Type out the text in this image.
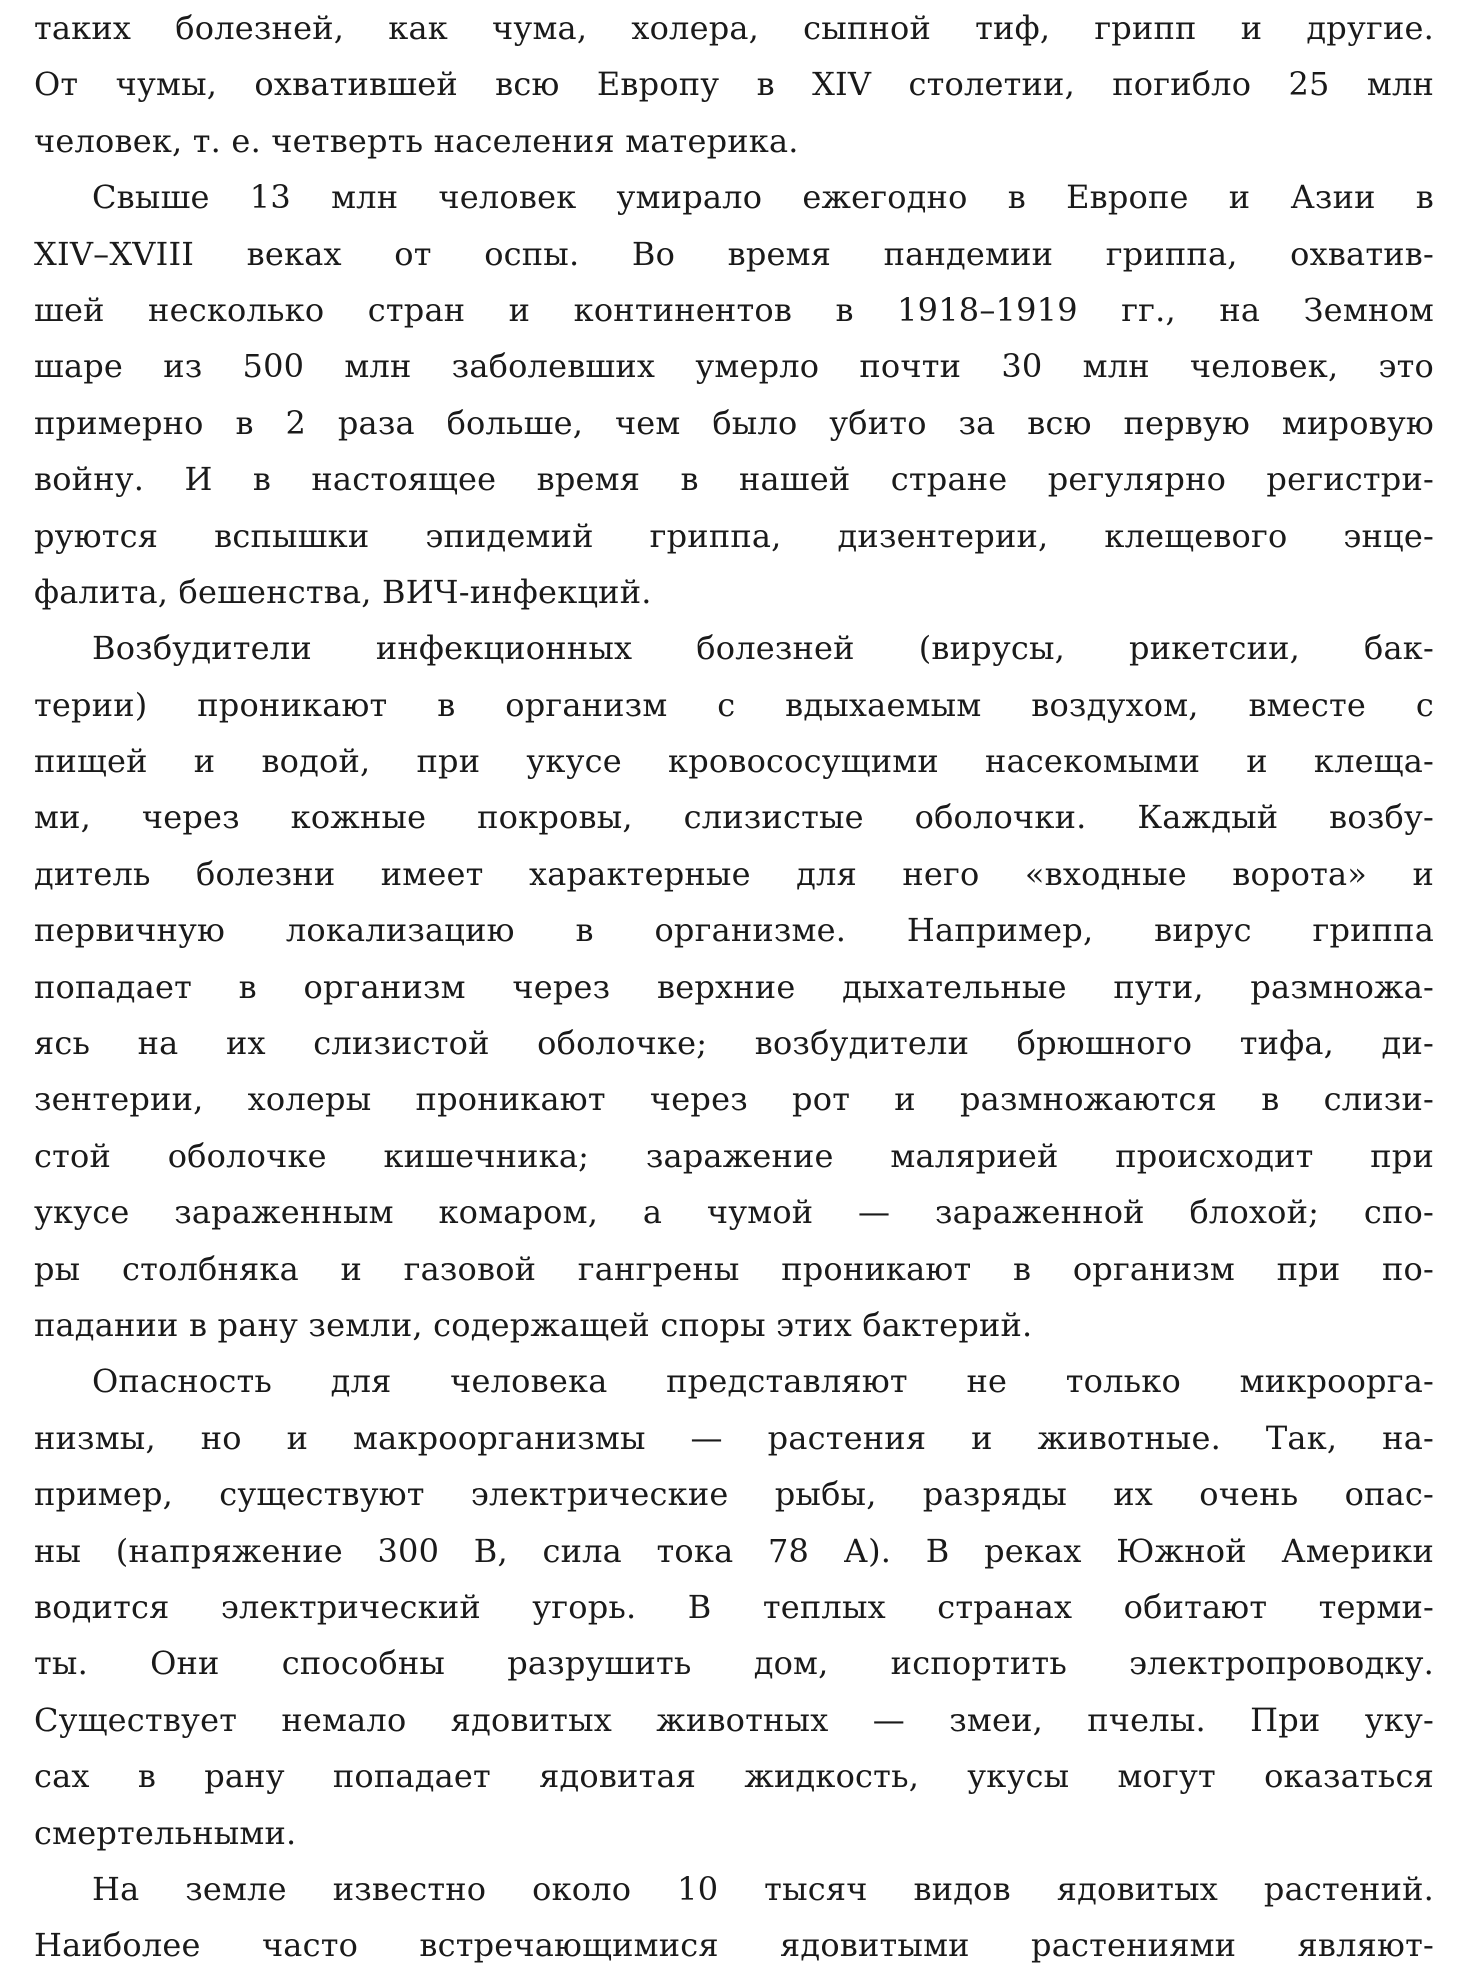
таких болезней, как чума, холера, сыпной тиф, грипп и другие.
От чумы, охватившей всю Европу в XIV столетии, погибло 25 млн
человек, т. е. четверть населения материка.
Свыше 13 млн человек умирало ежегодно в Европе и Азии в
XIV–XVIII веках от оспы. Во время пандемии гриппа, охватив-
шей несколько стран и континентов в 1918–1919 гг., на Земном
шаре из 500 млн заболевших умерло почти 30 млн человек, это
примерно в 2 раза больше, чем было убито за всю первую мировую
войну. И в настоящее время в нашей стране регулярно регистри-
руются вспышки эпидемий гриппа, дизентерии, клещевого энце-
фалита, бешенства, ВИЧ-инфекций.
Возбудители инфекционных болезней (вирусы, рикетсии, бак-
терии) проникают в организм с вдыхаемым воздухом, вместе с
пищей и водой, при укусе кровососущими насекомыми и клеща-
ми, через кожные покровы, слизистые оболочки. Каждый возбу-
дитель болезни имеет характерные для него «входные ворота» и
первичную локализацию в организме. Например, вирус гриппа
попадает в организм через верхние дыхательные пути, размножа-
ясь на их слизистой оболочке; возбудители брюшного тифа, ди-
зентерии, холеры проникают через рот и размножаются в слизи-
стой оболочке кишечника; заражение малярией происходит при
укусе зараженным комаром, а чумой — зараженной блохой; спо-
ры столбняка и газовой гангрены проникают в организм при по-
падании в рану земли, содержащей споры этих бактерий.
Опасность для человека представляют не только микроорга-
низмы, но и макроорганизмы — растения и животные. Так, на-
пример, существуют электрические рыбы, разряды их очень опас-
ны (напряжение 300 В, сила тока 78 А). В реках Южной Америки
водится электрический угорь. В теплых странах обитают терми-
ты. Они способны разрушить дом, испортить электропроводку.
Существует немало ядовитых животных — змеи, пчелы. При уку-
сах в рану попадает ядовитая жидкость, укусы могут оказаться
смертельными.
На земле известно около 10 тысяч видов ядовитых растений.
Наиболее часто встречающимися ядовитыми растениями являют-
